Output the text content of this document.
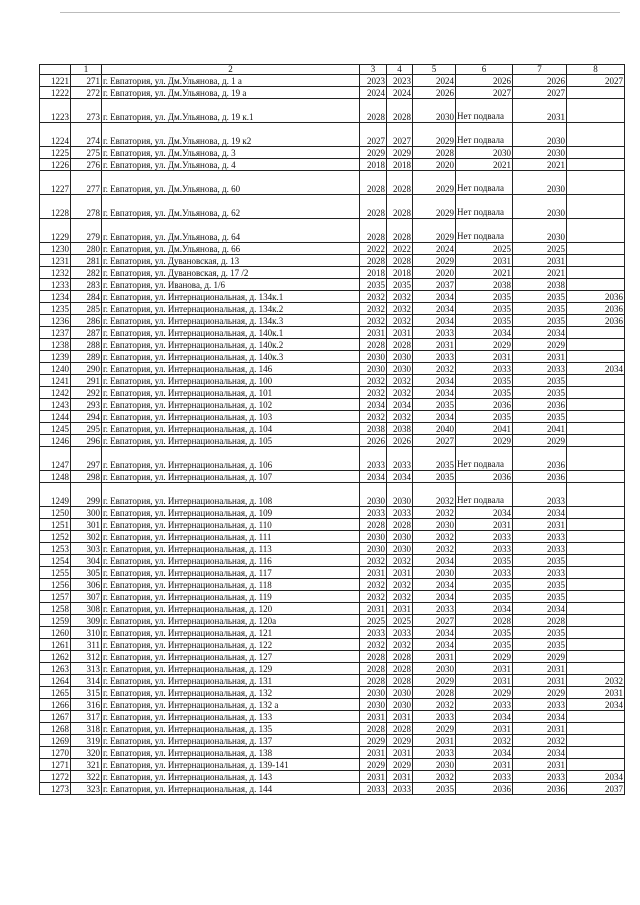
	1	2	3	4	5	6	7	8
1221	271	г. Евпатория, ул. Дм.Ульянова, д. 1 а	2023	2023	2024	2026	2026	2027
1222	272	г. Евпатория, ул. Дм.Ульянова, д. 19 а	2024	2024	2026	2027	2027	
1223	273	г. Евпатория, ул. Дм.Ульянова, д. 19 к.1	2028	2028	2030	Нет подвала	2031	
1224	274	г. Евпатория, ул. Дм.Ульянова, д. 19 к2	2027	2027	2029	Нет подвала	2030	
1225	275	г. Евпатория, ул. Дм.Ульянова, д. 3	2029	2029	2028	2030	2030	
1226	276	г. Евпатория, ул. Дм.Ульянова, д. 4	2018	2018	2020	2021	2021	
1227	277	г. Евпатория, ул. Дм.Ульянова, д. 60	2028	2028	2029	Нет подвала	2030	
1228	278	г. Евпатория, ул. Дм.Ульянова, д. 62	2028	2028	2029	Нет подвала	2030	
1229	279	г. Евпатория, ул. Дм.Ульянова, д. 64	2028	2028	2029	Нет подвала	2030	
1230	280	г. Евпатория, ул. Дм.Ульянова, д. 66	2022	2022	2024	2025	2025	
1231	281	г. Евпатория, ул. Дувановская, д. 13	2028	2028	2029	2031	2031	
1232	282	г. Евпатория, ул. Дувановская, д. 17 /2	2018	2018	2020	2021	2021	
1233	283	г. Евпатория, ул. Иванова, д. 1/6	2035	2035	2037	2038	2038	
1234	284	г. Евпатория, ул. Интернациональная, д. 134к.1	2032	2032	2034	2035	2035	2036
1235	285	г. Евпатория, ул. Интернациональная, д. 134к.2	2032	2032	2034	2035	2035	2036
1236	286	г. Евпатория, ул. Интернациональная, д. 134к.3	2032	2032	2034	2035	2035	2036
1237	287	г. Евпатория, ул. Интернациональная, д. 140к.1	2031	2031	2033	2034	2034	
1238	288	г. Евпатория, ул. Интернациональная, д. 140к.2	2028	2028	2031	2029	2029	
1239	289	г. Евпатория, ул. Интернациональная, д. 140к.3	2030	2030	2033	2031	2031	
1240	290	г. Евпатория, ул. Интернациональная, д. 146	2030	2030	2032	2033	2033	2034
1241	291	г. Евпатория, ул. Интернациональная, д. 100	2032	2032	2034	2035	2035	
1242	292	г. Евпатория, ул. Интернациональная, д. 101	2032	2032	2034	2035	2035	
1243	293	г. Евпатория, ул. Интернациональная, д. 102	2034	2034	2035	2036	2036	
1244	294	г. Евпатория, ул. Интернациональная, д. 103	2032	2032	2034	2035	2035	
1245	295	г. Евпатория, ул. Интернациональная, д. 104	2038	2038	2040	2041	2041	
1246	296	г. Евпатория, ул. Интернациональная, д. 105	2026	2026	2027	2029	2029	
1247	297	г. Евпатория, ул. Интернациональная, д. 106	2033	2033	2035	Нет подвала	2036	
1248	298	г. Евпатория, ул. Интернациональная, д. 107	2034	2034	2035	2036	2036	
1249	299	г. Евпатория, ул. Интернациональная, д. 108	2030	2030	2032	Нет подвала	2033	
1250	300	г. Евпатория, ул. Интернациональная, д. 109	2033	2033	2032	2034	2034	
1251	301	г. Евпатория, ул. Интернациональная, д. 110	2028	2028	2030	2031	2031	
1252	302	г. Евпатория, ул. Интернациональная, д. 111	2030	2030	2032	2033	2033	
1253	303	г. Евпатория, ул. Интернациональная, д. 113	2030	2030	2032	2033	2033	
1254	304	г. Евпатория, ул. Интернациональная, д. 116	2032	2032	2034	2035	2035	
1255	305	г. Евпатория, ул. Интернациональная, д. 117	2031	2031	2030	2033	2033	
1256	306	г. Евпатория, ул. Интернациональная, д. 118	2032	2032	2034	2035	2035	
1257	307	г. Евпатория, ул. Интернациональная, д. 119	2032	2032	2034	2035	2035	
1258	308	г. Евпатория, ул. Интернациональная, д. 120	2031	2031	2033	2034	2034	
1259	309	г. Евпатория, ул. Интернациональная, д. 120а	2025	2025	2027	2028	2028	
1260	310	г. Евпатория, ул. Интернациональная, д. 121	2033	2033	2034	2035	2035	
1261	311	г. Евпатория, ул. Интернациональная, д. 122	2032	2032	2034	2035	2035	
1262	312	г. Евпатория, ул. Интернациональная, д. 127	2028	2028	2031	2029	2029	
1263	313	г. Евпатория, ул. Интернациональная, д. 129	2028	2028	2030	2031	2031	
1264	314	г. Евпатория, ул. Интернациональная, д. 131	2028	2028	2029	2031	2031	2032
1265	315	г. Евпатория, ул. Интернациональная, д. 132	2030	2030	2028	2029	2029	2031
1266	316	г. Евпатория, ул. Интернациональная, д. 132 а	2030	2030	2032	2033	2033	2034
1267	317	г. Евпатория, ул. Интернациональная, д. 133	2031	2031	2033	2034	2034	
1268	318	г. Евпатория, ул. Интернациональная, д. 135	2028	2028	2029	2031	2031	
1269	319	г. Евпатория, ул. Интернациональная, д. 137	2029	2029	2031	2032	2032	
1270	320	г. Евпатория, ул. Интернациональная, д. 138	2031	2031	2033	2034	2034	
1271	321	г. Евпатория, ул. Интернациональная, д. 139-141	2029	2029	2030	2031	2031	
1272	322	г. Евпатория, ул. Интернациональная, д. 143	2031	2031	2032	2033	2033	2034
1273	323	г. Евпатория, ул. Интернациональная, д. 144	2033	2033	2035	2036	2036	2037
